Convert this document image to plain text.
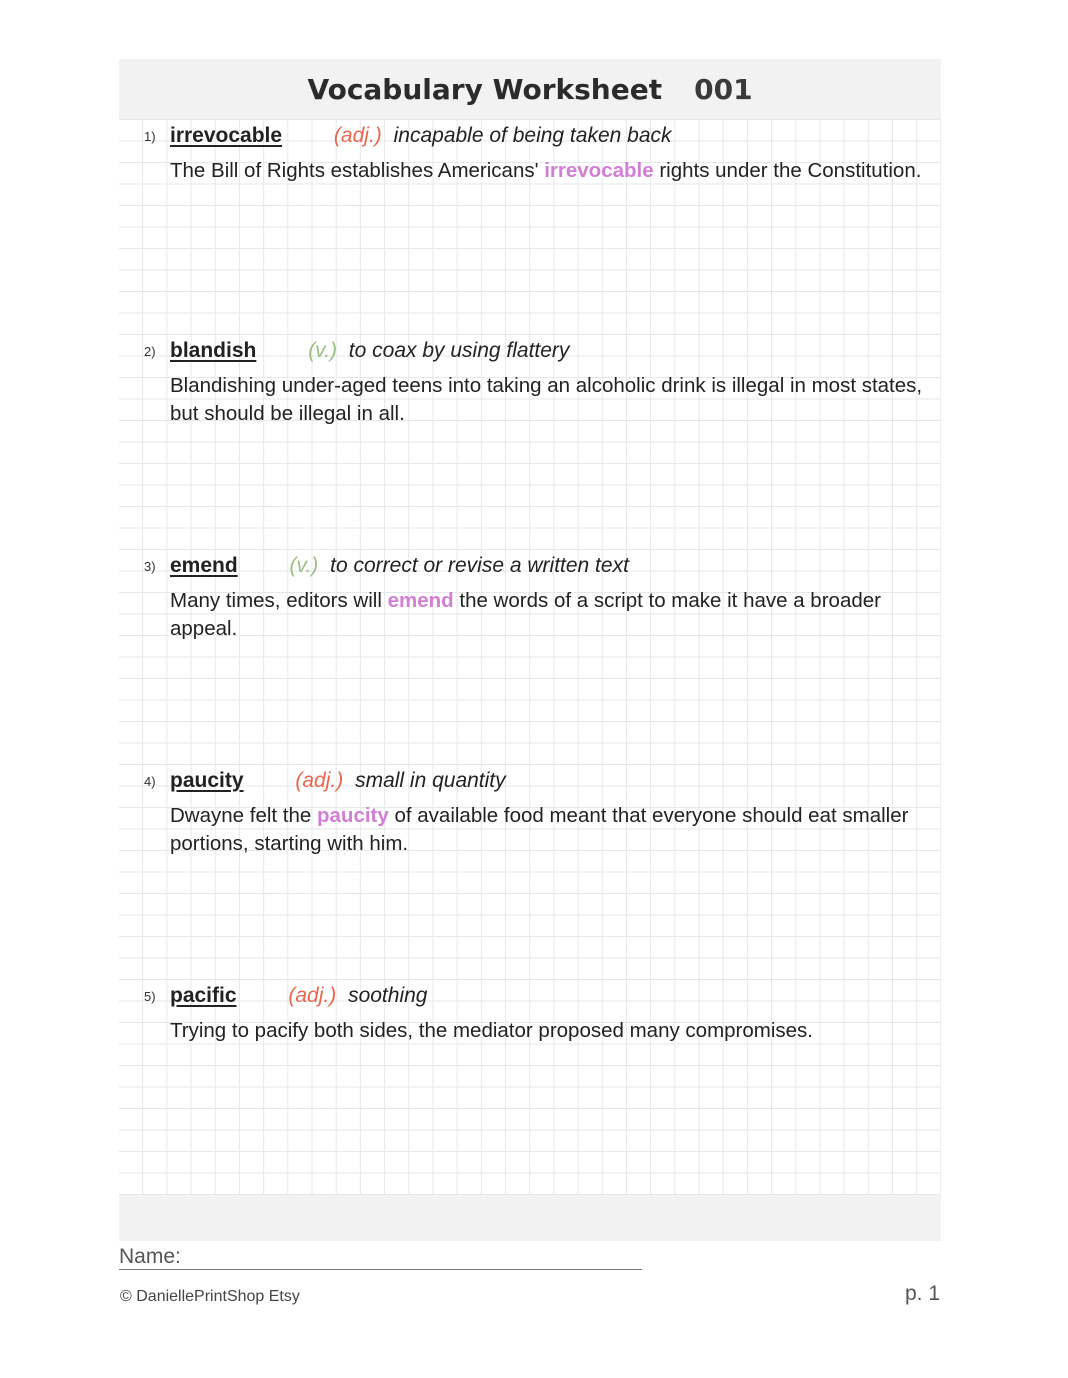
Vocabulary Worksheet 001
1) irrevocable (adj.) incapable of being taken back
The Bill of Rights establishes Americans' irrevocable rights under the Constitution.
2) blandish (v.) to coax by using flattery
Blandishing under-aged teens into taking an alcoholic drink is illegal in most states, but should be illegal in all.
3) emend (v.) to correct or revise a written text
Many times, editors will emend the words of a script to make it have a broader appeal.
4) paucity (adj.) small in quantity
Dwayne felt the paucity of available food meant that everyone should eat smaller portions, starting with him.
5) pacific (adj.) soothing
Trying to pacify both sides, the mediator proposed many compromises.
Name:
© DaniellePrintShop Etsy	p. 1
